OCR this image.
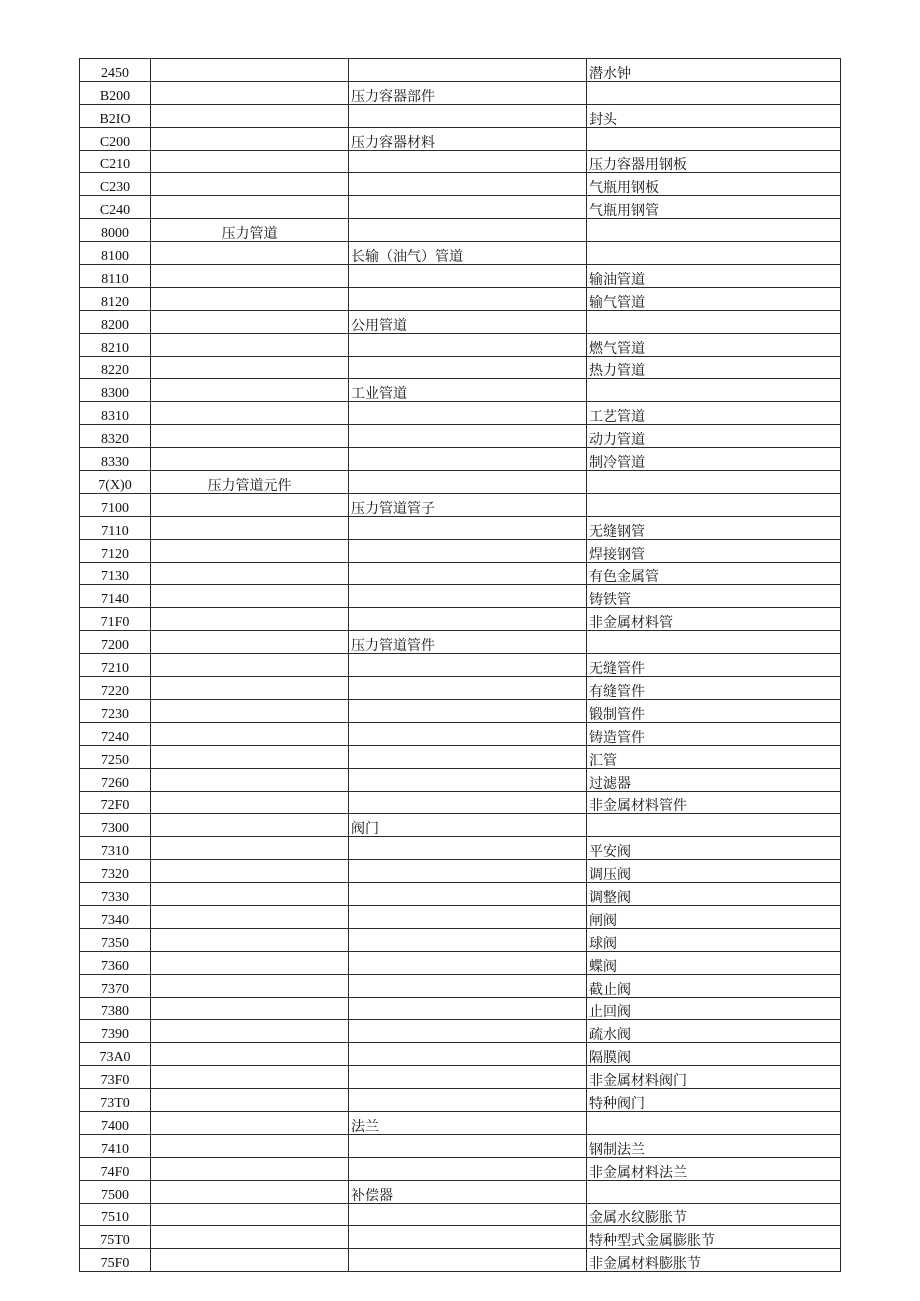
2450			潜水钟
B200		压力容器部件	
B2IO			封头
C200		压力容器材料	
C210			压力容器用钢板
C230			气瓶用钢板
C240			气瓶用钢管
8000	压力管道		
8100		长输（油气）管道	
8110			输油管道
8120			输气管道
8200		公用管道	
8210			燃气管道
8220			热力管道
8300		工业管道	
8310			工艺管道
8320			动力管道
8330			制冷管道
7(X)0	压力管道元件		
7100		压力管道管子	
7110			无缝钢管
7120			焊接钢管
7130			有色金属管
7140			铸铁管
71F0			非金属材料管
7200		压力管道管件	
7210			无缝管件
7220			有缝管件
7230			锻制管件
7240			铸造管件
7250			汇管
7260			过滤器
72F0			非金属材料管件
7300		阀门	
7310			平安阀
7320			调压阀
7330			调整阀
7340			闸阀
7350			球阀
7360			蝶阀
7370			截止阀
7380			止回阀
7390			疏水阀
73A0			隔膜阀
73F0			非金属材料阀门
73T0			特种阀门
7400		法兰	
7410			钢制法兰
74F0			非金属材料法兰
7500		补偿器	
7510			金属水纹膨胀节
75T0			特种型式金属膨胀节
75F0			非金属材料膨胀节
